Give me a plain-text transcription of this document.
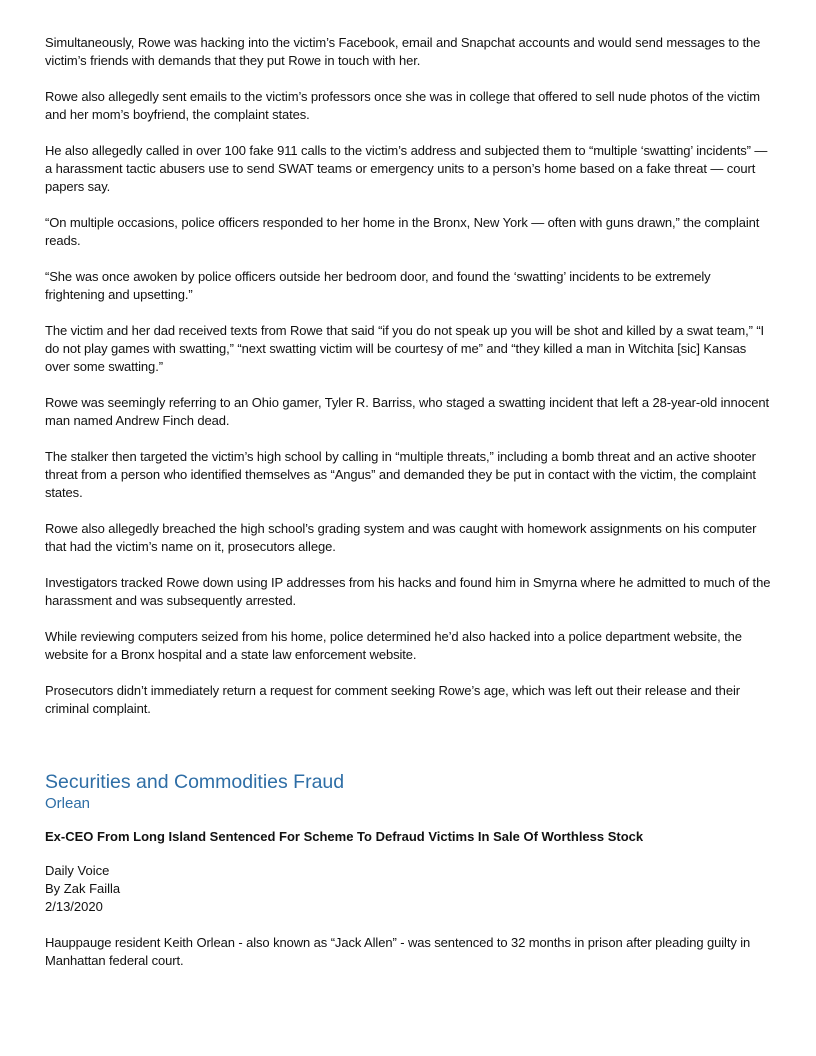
Simultaneously, Rowe was hacking into the victim’s Facebook, email and Snapchat accounts and would send messages to the victim’s friends with demands that they put Rowe in touch with her.

Rowe also allegedly sent emails to the victim’s professors once she was in college that offered to sell nude photos of the victim and her mom’s boyfriend, the complaint states.

He also allegedly called in over 100 fake 911 calls to the victim’s address and subjected them to “multiple ‘swatting’ incidents” — a harassment tactic abusers use to send SWAT teams or emergency units to a person’s home based on a fake threat — court papers say.

“On multiple occasions, police officers responded to her home in the Bronx, New York — often with guns drawn,” the complaint reads.

“She was once awoken by police officers outside her bedroom door, and found the ‘swatting’ incidents to be extremely frightening and upsetting.”

The victim and her dad received texts from Rowe that said “if you do not speak up you will be shot and killed by a swat team,” “I do not play games with swatting,” “next swatting victim will be courtesy of me” and “they killed a man in Witchita [sic] Kansas over some swatting.”

Rowe was seemingly referring to an Ohio gamer, Tyler R. Barriss, who staged a swatting incident that left a 28-year-old innocent man named Andrew Finch dead.

The stalker then targeted the victim’s high school by calling in “multiple threats,” including a bomb threat and an active shooter threat from a person who identified themselves as “Angus” and demanded they be put in contact with the victim, the complaint states.

Rowe also allegedly breached the high school’s grading system and was caught with homework assignments on his computer that had the victim’s name on it, prosecutors allege.

Investigators tracked Rowe down using IP addresses from his hacks and found him in Smyrna where he admitted to much of the harassment and was subsequently arrested.

While reviewing computers seized from his home, police determined he’d also hacked into a police department website, the website for a Bronx hospital and a state law enforcement website.

Prosecutors didn’t immediately return a request for comment seeking Rowe’s age, which was left out their release and their criminal complaint.

Securities and Commodities Fraud
Orlean

Ex-CEO From Long Island Sentenced For Scheme To Defraud Victims In Sale Of Worthless Stock

Daily Voice

By Zak Failla

2/13/2020

Hauppauge resident Keith Orlean - also known as “Jack Allen” - was sentenced to 32 months in prison after pleading guilty in Manhattan federal court.
